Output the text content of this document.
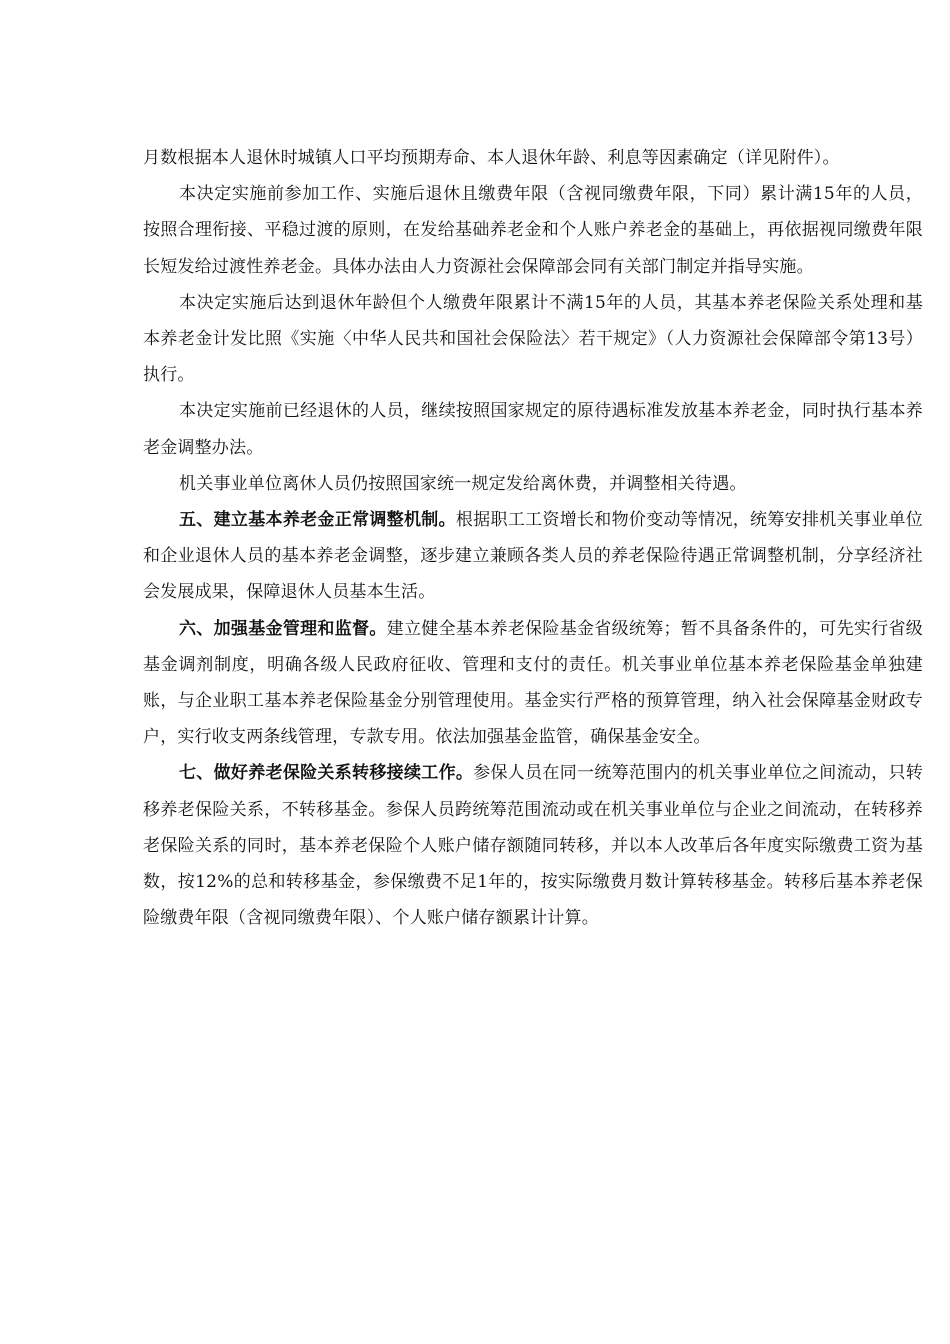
月数根据本人退休时城镇人口平均预期寿命、本人退休年龄、利息等因素确定（详见附件）。

本决定实施前参加工作、实施后退休且缴费年限（含视同缴费年限，下同）累计满15年的人员，按照合理衔接、平稳过渡的原则，在发给基础养老金和个人账户养老金的基础上，再依据视同缴费年限长短发给过渡性养老金。具体办法由人力资源社会保障部会同有关部门制定并指导实施。

本决定实施后达到退休年龄但个人缴费年限累计不满15年的人员，其基本养老保险关系处理和基本养老金计发比照《实施〈中华人民共和国社会保险法〉若干规定》（人力资源社会保障部令第13号）执行。

本决定实施前已经退休的人员，继续按照国家规定的原待遇标准发放基本养老金，同时执行基本养老金调整办法。

机关事业单位离休人员仍按照国家统一规定发给离休费，并调整相关待遇。

五、建立基本养老金正常调整机制。根据职工工资增长和物价变动等情况，统筹安排机关事业单位和企业退休人员的基本养老金调整，逐步建立兼顾各类人员的养老保险待遇正常调整机制，分享经济社会发展成果，保障退休人员基本生活。

六、加强基金管理和监督。建立健全基本养老保险基金省级统筹；暂不具备条件的，可先实行省级基金调剂制度，明确各级人民政府征收、管理和支付的责任。机关事业单位基本养老保险基金单独建账，与企业职工基本养老保险基金分别管理使用。基金实行严格的预算管理，纳入社会保障基金财政专户，实行收支两条线管理，专款专用。依法加强基金监管，确保基金安全。

七、做好养老保险关系转移接续工作。参保人员在同一统筹范围内的机关事业单位之间流动，只转移养老保险关系，不转移基金。参保人员跨统筹范围流动或在机关事业单位与企业之间流动，在转移养老保险关系的同时，基本养老保险个人账户储存额随同转移，并以本人改革后各年度实际缴费工资为基数，按12%的总和转移基金，参保缴费不足1年的，按实际缴费月数计算转移基金。转移后基本养老保险缴费年限（含视同缴费年限）、个人账户储存额累计计算。
